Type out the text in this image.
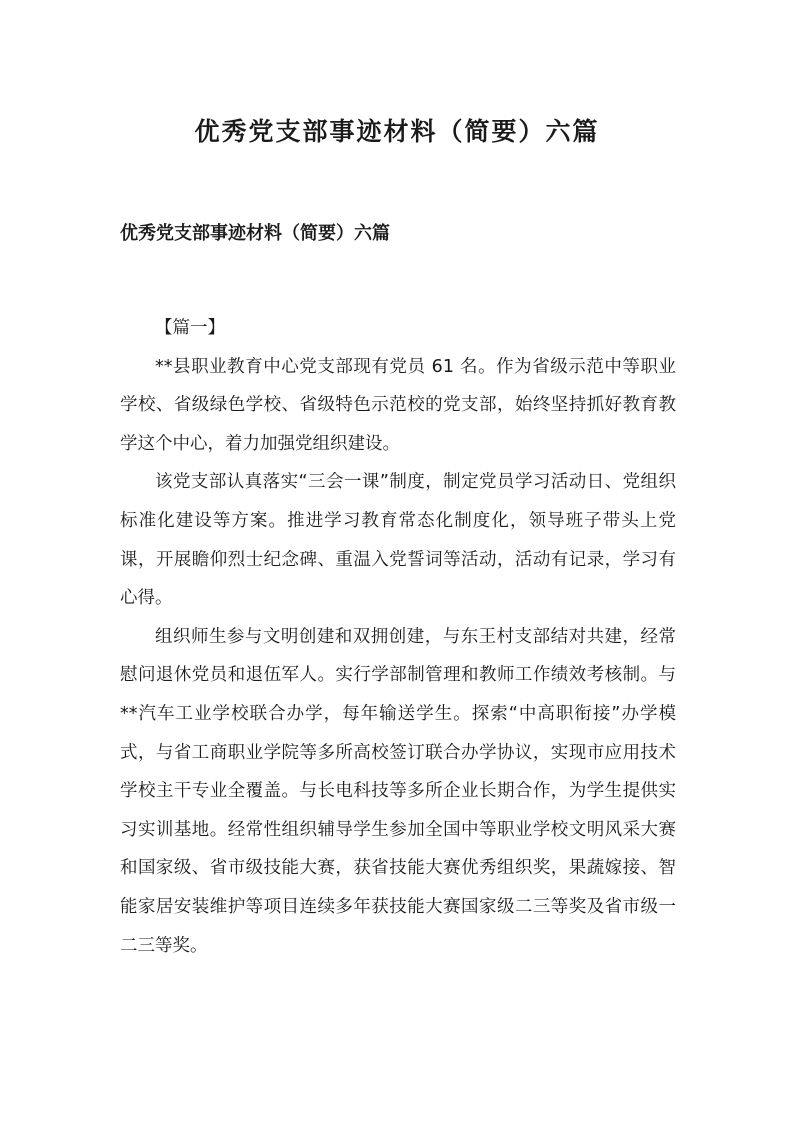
优秀党支部事迹材料（简要）六篇
优秀党支部事迹材料（简要）六篇

【篇一】

**县职业教育中心党支部现有党员 61 名。作为省级示范中等职业学校、省级绿色学校、省级特色示范校的党支部，始终坚持抓好教育教学这个中心，着力加强党组织建设。

该党支部认真落实“三会一课”制度，制定党员学习活动日、党组织标准化建设等方案。推进学习教育常态化制度化，领导班子带头上党课，开展瞻仰烈士纪念碑、重温入党誓词等活动，活动有记录，学习有心得。

组织师生参与文明创建和双拥创建，与东王村支部结对共建，经常慰问退休党员和退伍军人。实行学部制管理和教师工作绩效考核制。与**汽车工业学校联合办学，每年输送学生。探索“中高职衔接”办学模式，与省工商职业学院等多所高校签订联合办学协议，实现市应用技术学校主干专业全覆盖。与长电科技等多所企业长期合作，为学生提供实习实训基地。经常性组织辅导学生参加全国中等职业学校文明风采大赛和国家级、省市级技能大赛，获省技能大赛优秀组织奖，果蔬嫁接、智能家居安装维护等项目连续多年获技能大赛国家级二三等奖及省市级一二三等奖。
